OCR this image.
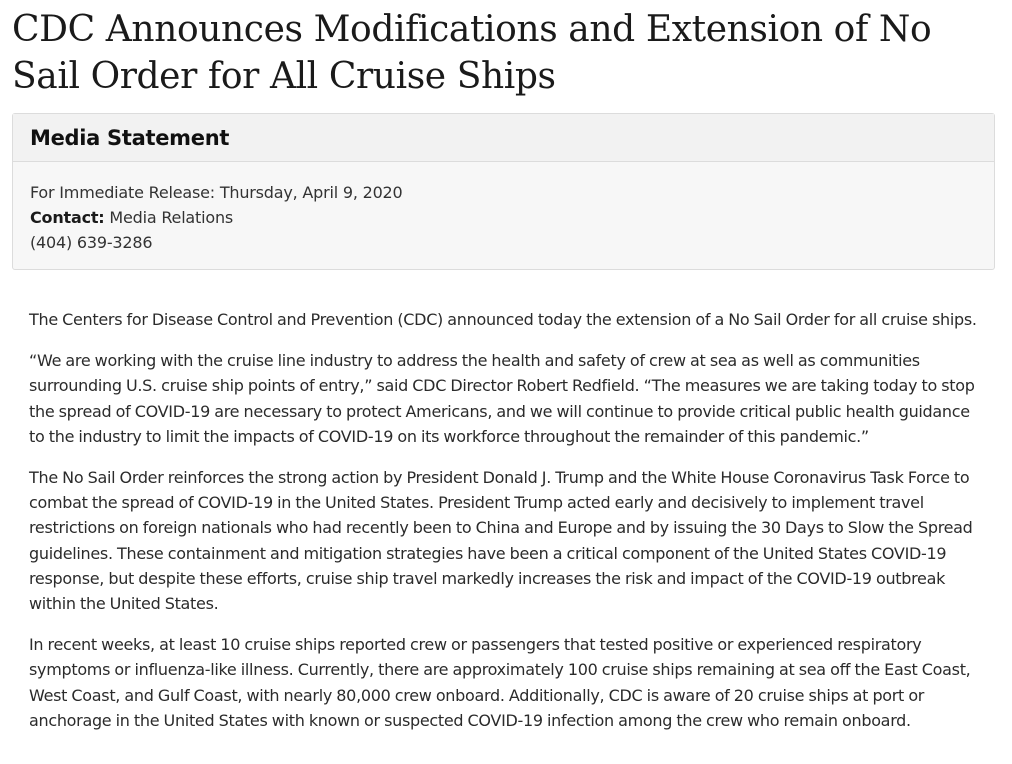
CDC Announces Modifications and Extension of No Sail Order for All Cruise Ships
Media Statement
For Immediate Release: Thursday, April 9, 2020
Contact: Media Relations
(404) 639-3286

The Centers for Disease Control and Prevention (CDC) announced today the extension of a No Sail Order for all cruise ships.

“We are working with the cruise line industry to address the health and safety of crew at sea as well as communities surrounding U.S. cruise ship points of entry,” said CDC Director Robert Redfield. “The measures we are taking today to stop the spread of COVID-19 are necessary to protect Americans, and we will continue to provide critical public health guidance to the industry to limit the impacts of COVID-19 on its workforce throughout the remainder of this pandemic.”

The No Sail Order reinforces the strong action by President Donald J. Trump and the White House Coronavirus Task Force to combat the spread of COVID-19 in the United States. President Trump acted early and decisively to implement travel restrictions on foreign nationals who had recently been to China and Europe and by issuing the 30 Days to Slow the Spread guidelines. These containment and mitigation strategies have been a critical component of the United States COVID-19 response, but despite these efforts, cruise ship travel markedly increases the risk and impact of the COVID-19 outbreak within the United States.

In recent weeks, at least 10 cruise ships reported crew or passengers that tested positive or experienced respiratory symptoms or influenza-like illness. Currently, there are approximately 100 cruise ships remaining at sea off the East Coast, West Coast, and Gulf Coast, with nearly 80,000 crew onboard. Additionally, CDC is aware of 20 cruise ships at port or anchorage in the United States with known or suspected COVID-19 infection among the crew who remain onboard.
